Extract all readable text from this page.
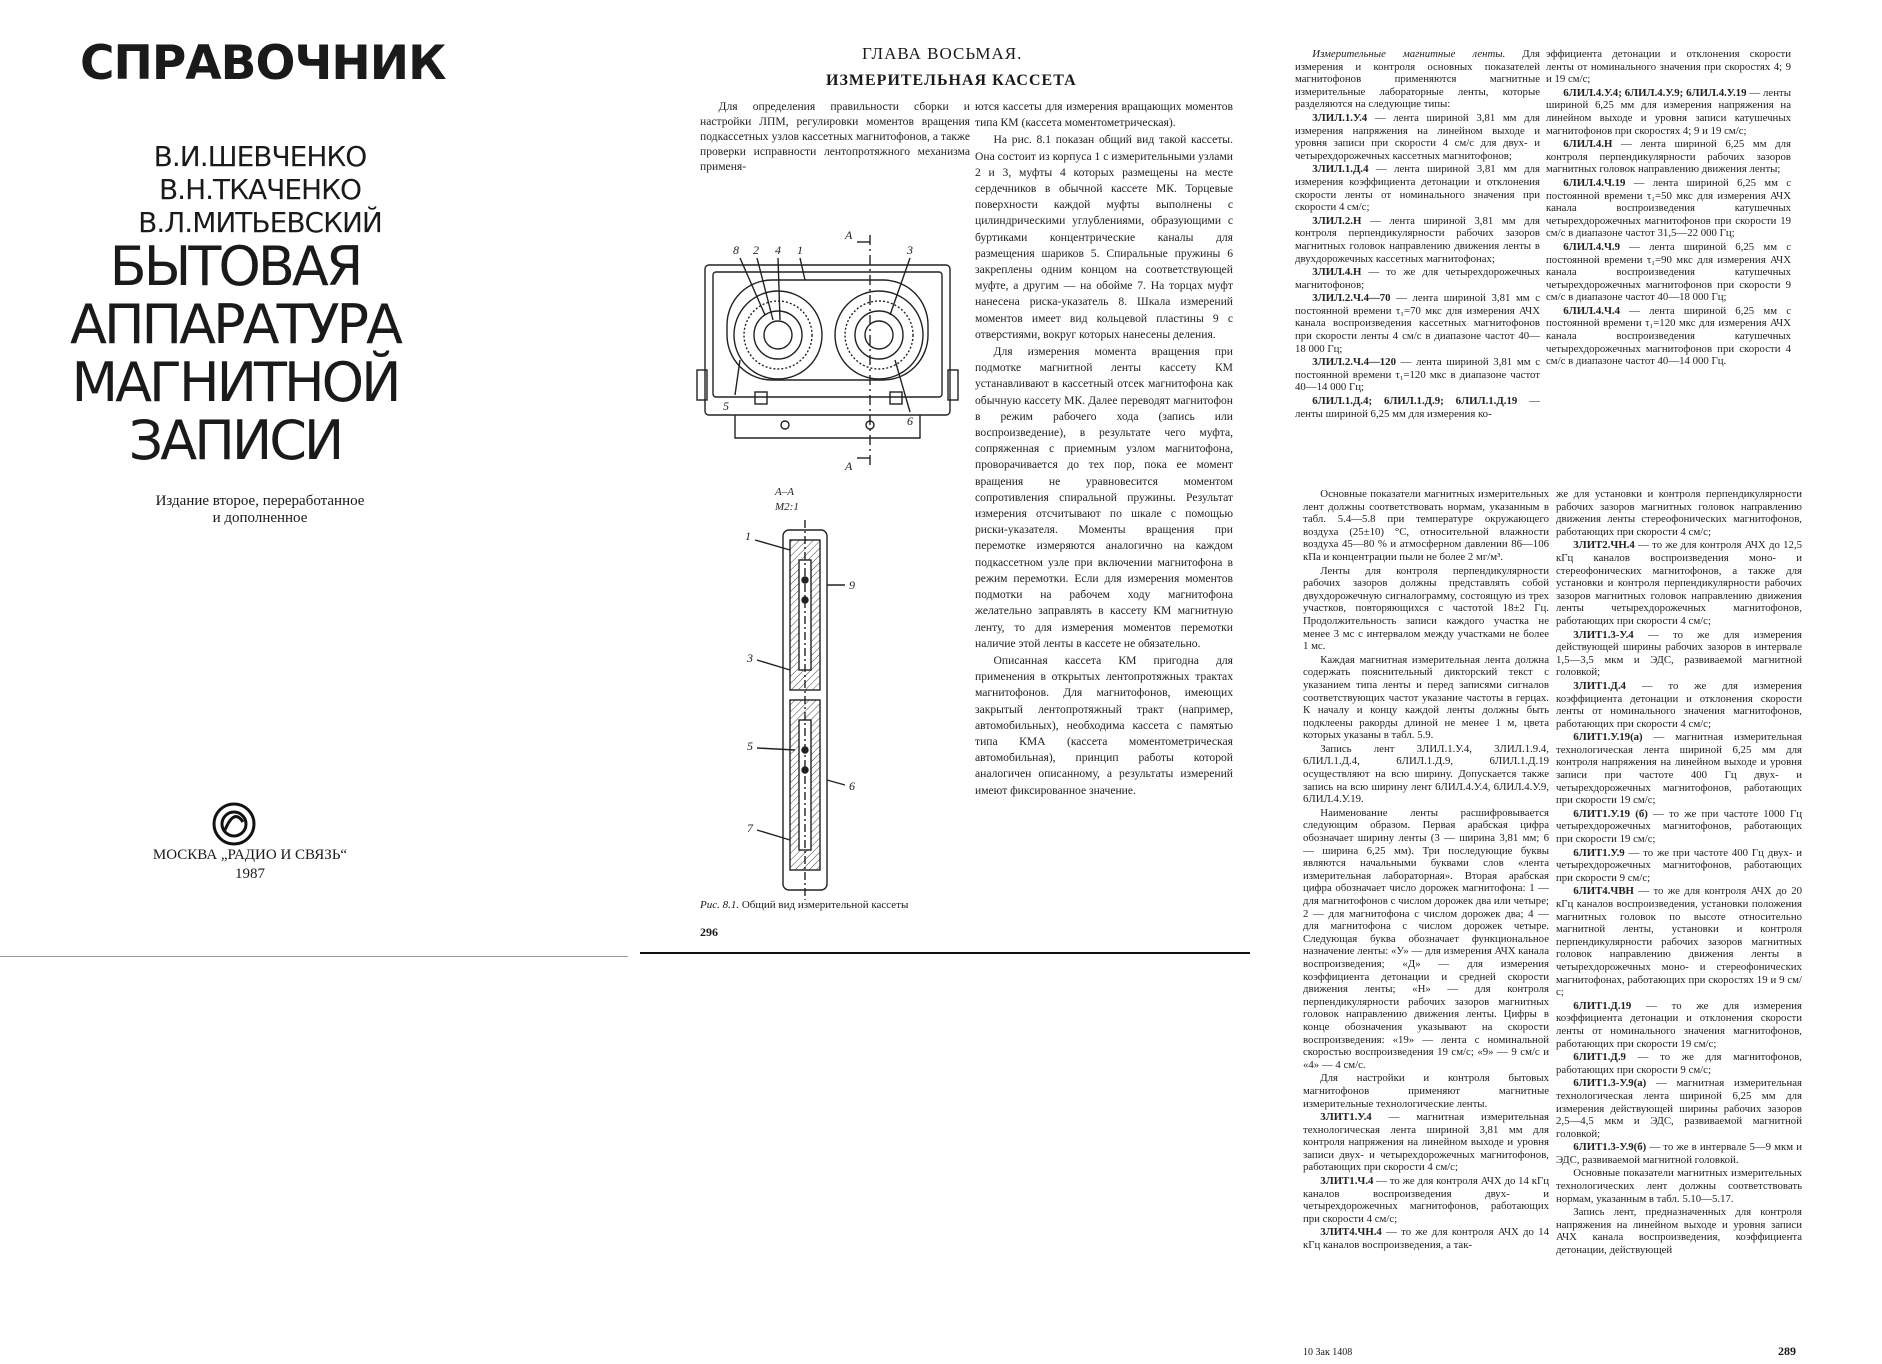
СПРАВОЧНИК
В.И.ШЕВЧЕНКО
В.Н.ТКАЧЕНКО
В.Л.МИТЬЕВСКИЙ
БЫТОВАЯ
АППАРАТУРА
МАГНИТНОЙ
ЗАПИСИ
Издание второе, переработанное
и дополненное
МОСКВА „РАДИО И СВЯЗЬ“
1987
ГЛАВА ВОСЬМАЯ.
ИЗМЕРИТЕЛЬНАЯ КАССЕТА

Для определения правильности сборки и настройки ЛПМ, регулировки моментов вращения подкассетных узлов кассетных магнитофонов, а также проверки исправности лентопротяжного механизма применя-

ются кассеты для измерения вращающих моментов типа КМ (кассета моментометрическая).

На рис. 8.1 показан общий вид такой кассеты. Она состоит из корпуса 1 с измерительными узлами 2 и 3, муфты 4 которых размещены на месте сердечников в обычной кассете МК. Торцевые поверхности каждой муфты выполнены с цилиндрическими углублениями, образующими с буртиками концентрические каналы для размещения шариков 5. Спиральные пружины 6 закреплены одним концом на соответствующей муфте, а другим — на обойме 7. На торцах муфт нанесена риска-указатель 8. Шкала измерений моментов имеет вид кольцевой пластины 9 с отверстиями, вокруг которых нанесены деления.

Для измерения момента вращения при подмотке магнитной ленты кассету КМ устанавливают в кассетный отсек магнитофона как обычную кассету МК. Далее переводят магнитофон в режим рабочего хода (запись или воспроизведение), в результате чего муфта, сопряженная с приемным узлом магнитофона, проворачивается до тех пор, пока ее момент вращения не уравновесится моментом сопротивления спиральной пружины. Результат измерения отсчитывают по шкале с помощью риски-указателя. Моменты вращения при перемотке измеряются аналогично на каждом подкассетном узле при включении магнитофона в режим перемотки. Если для измерения моментов подмотки на рабочем ходу магнитофона желательно заправлять в кассету КМ магнитную ленту, то для измерения моментов перемотки наличие этой ленты в кассете не обязательно.

Описанная кассета КМ пригодна для применения в открытых лентопротяжных трактах магнитофонов. Для магнитофонов, имеющих закрытый лентопротяжный тракт (например, автомобильных), необходима кассета с памятью типа КМА (кассета моментометрическая автомобильная), принцип работы которой аналогичен описанному, а результаты измерений имеют фиксированное значение.

8 2 4 1	3
5
6
А
А
А–А
М2:1
1
9
3
5
6
7
Рис. 8.1. Общий вид измерительной кассеты
296

Измерительные магнитные ленты. Для измерения и контроля основных показателей магнитофонов применяются магнитные измерительные лабораторные ленты, которые разделяются на следующие типы:

3ЛИЛ.1.У.4 — лента шириной 3,81 мм для измерения напряжения на линейном выходе и уровня записи при скорости 4 см/с для двух- и четырехдорожечных кассетных магнитофонов;

3ЛИЛ.1.Д.4 — лента шириной 3,81 мм для измерения коэффициента детонации и отклонения скорости ленты от номинального значения при скорости 4 см/с;

3ЛИЛ.2.Н — лента шириной 3,81 мм для контроля перпендикулярности рабочих зазоров магнитных головок направлению движения ленты в двухдорожечных кассетных магнитофонах;

3ЛИЛ.4.Н — то же для четырехдорожечных магнитофонов;

3ЛИЛ.2.Ч.4—70 — лента шириной 3,81 мм с постоянной времени τ₁=70 мкс для измерения АЧХ канала воспроизведения кассетных магнитофонов при скорости ленты 4 см/с в диапазоне частот 40—18 000 Гц;

3ЛИЛ.2.Ч.4—120 — лента шириной 3,81 мм с постоянной времени τ₁=120 мкс в диапазоне частот 40—14 000 Гц;

6ЛИЛ.1.Д.4; 6ЛИЛ.1.Д.9; 6ЛИЛ.1.Д.19 — ленты шириной 6,25 мм для измерения ко-

эффициента детонации и отклонения скорости ленты от номинального значения при скоростях 4; 9 и 19 см/с;

6ЛИЛ.4.У.4; 6ЛИЛ.4.У.9; 6ЛИЛ.4.У.19 — ленты шириной 6,25 мм для измерения напряжения на линейном выходе и уровня записи катушечных магнитофонов при скоростях 4; 9 и 19 см/с;

6ЛИЛ.4.Н — лента шириной 6,25 мм для контроля перпендикулярности рабочих зазоров магнитных головок направлению движения ленты;

6ЛИЛ.4.Ч.19 — лента шириной 6,25 мм с постоянной времени τ₁=50 мкс для измерения АЧХ канала воспроизведения катушечных четырехдорожечных магнитофонов при скорости 19 см/с в диапазоне частот 31,5—22 000 Гц;

6ЛИЛ.4.Ч.9 — лента шириной 6,25 мм с постоянной времени τ₁=90 мкс для измерения АЧХ канала воспроизведения катушечных четырехдорожечных магнитофонов при скорости 9 см/с в диапазоне частот 40—18 000 Гц;

6ЛИЛ.4.Ч.4 — лента шириной 6,25 мм с постоянной времени τ₁=120 мкс для измерения АЧХ канала воспроизведения катушечных четырехдорожечных магнитофонов при скорости 4 см/с в диапазоне частот 40—14 000 Гц.

Основные показатели магнитных измерительных лент должны соответствовать нормам, указанным в табл. 5.4—5.8 при температуре окружающего воздуха (25±10) °С, относительной влажности воздуха 45—80 % и атмосферном давлении 86—106 кПа и концентрации пыли не более 2 мг/м³.

Ленты для контроля перпендикулярности рабочих зазоров должны представлять собой двухдорожечную сигналограмму, состоящую из трех участков, повторяющихся с частотой 18±2 Гц. Продолжительность записи каждого участка не менее 3 мс с интервалом между участками не более 1 мс.

Каждая магнитная измерительная лента должна содержать пояснительный дикторский текст с указанием типа ленты и перед записями сигналов соответствующих частот указание частоты в герцах. К началу и концу каждой ленты должны быть подклеены ракорды длиной не менее 1 м, цвета которых указаны в табл. 5.9.

Запись лент 3ЛИЛ.1.У.4, 3ЛИЛ.1.9.4, 6ЛИЛ.1.Д.4, 6ЛИЛ.1.Д.9, 6ЛИЛ.1.Д.19 осуществляют на всю ширину. Допускается также запись на всю ширину лент 6ЛИЛ.4.У.4, 6ЛИЛ.4.У.9, 6ЛИЛ.4.У.19.

Наименование ленты расшифровывается следующим образом. Первая арабская цифра обозначает ширину ленты (3 — ширина 3,81 мм; 6 — ширина 6,25 мм). Три последующие буквы являются начальными буквами слов «лента измерительная лабораторная». Вторая арабская цифра обозначает число дорожек магнитофона: 1 — для магнитофонов с числом дорожек два или четыре; 2 — для магнитофона с числом дорожек два; 4 — для магнитофона с числом дорожек четыре. Следующая буква обозначает функциональное назначение ленты: «У» — для измерения АЧХ канала воспроизведения; «Д» — для измерения коэффициента детонации и средней скорости движения ленты; «Н» — для контроля перпендикулярности рабочих зазоров магнитных головок направлению движения ленты. Цифры в конце обозначения указывают на скорости воспроизведения: «19» — лента с номинальной скоростью воспроизведения 19 см/с; «9» — 9 см/с и «4» — 4 см/с.

Для настройки и контроля бытовых магнитофонов применяют магнитные измерительные технологические ленты.

3ЛИТ1.У.4 — магнитная измерительная технологическая лента шириной 3,81 мм для контроля напряжения на линейном выходе и уровня записи двух- и четырехдорожечных магнитофонов, работающих при скорости 4 см/с;

3ЛИТ1.Ч.4 — то же для контроля АЧХ до 14 кГц каналов воспроизведения двух- и четырехдорожечных магнитофонов, работающих при скорости 4 см/с;

3ЛИТ4.ЧН.4 — то же для контроля АЧХ до 14 кГц каналов воспроизведения, а так-

же для установки и контроля перпендикулярности рабочих зазоров магнитных головок направлению движения ленты стереофонических магнитофонов, работающих при скорости 4 см/с;

3ЛИТ2.ЧН.4 — то же для контроля АЧХ до 12,5 кГц каналов воспроизведения моно- и стереофонических магнитофонов, а также для установки и контроля перпендикулярности рабочих зазоров магнитных головок направлению движения ленты четырехдорожечных магнитофонов, работающих при скорости 4 см/с;

3ЛИТ1.3-У.4 — то же для измерения действующей ширины рабочих зазоров в интервале 1,5—3,5 мкм и ЭДС, развиваемой магнитной головкой;

3ЛИТ1.Д.4 — то же для измерения коэффициента детонации и отклонения скорости ленты от номинального значения магнитофонов, работающих при скорости 4 см/с;

6ЛИТ1.У.19(а) — магнитная измерительная технологическая лента шириной 6,25 мм для контроля напряжения на линейном выходе и уровня записи при частоте 400 Гц двух- и четырехдорожечных магнитофонов, работающих при скорости 19 см/с;

6ЛИТ1.У.19 (б) — то же при частоте 1000 Гц четырехдорожечных магнитофонов, работающих при скорости 19 см/с;

6ЛИТ1.У.9 — то же при частоте 400 Гц двух- и четырехдорожечных магнитофонов, работающих при скорости 9 см/с;

6ЛИТ4.ЧВН — то же для контроля АЧХ до 20 кГц каналов воспроизведения, установки положения магнитных головок по высоте относительно магнитной ленты, установки и контроля перпендикулярности рабочих зазоров магнитных головок направлению движения ленты в четырехдорожечных моно- и стереофонических магнитофонах, работающих при скоростях 19 и 9 см/с;

6ЛИТ1.Д.19 — то же для измерения коэффициента детонации и отклонения скорости ленты от номинального значения магнитофонов, работающих при скорости 19 см/с;

6ЛИТ1.Д.9 — то же для магнитофонов, работающих при скорости 9 см/с;

6ЛИТ1.3-У.9(а) — магнитная измерительная технологическая лента шириной 6,25 мм для измерения действующей ширины рабочих зазоров 2,5—4,5 мкм и ЭДС, развиваемой магнитной головкой;

6ЛИТ1.3-У.9(б) — то же в интервале 5—9 мкм и ЭДС, развиваемой магнитной головкой.

Основные показатели магнитных измерительных технологических лент должны соответствовать нормам, указанным в табл. 5.10—5.17.

Запись лент, предназначенных для контроля напряжения на линейном выходе и уровня записи АЧХ канала воспроизведения, коэффициента детонации, действующей

10 Зак 1408	289
